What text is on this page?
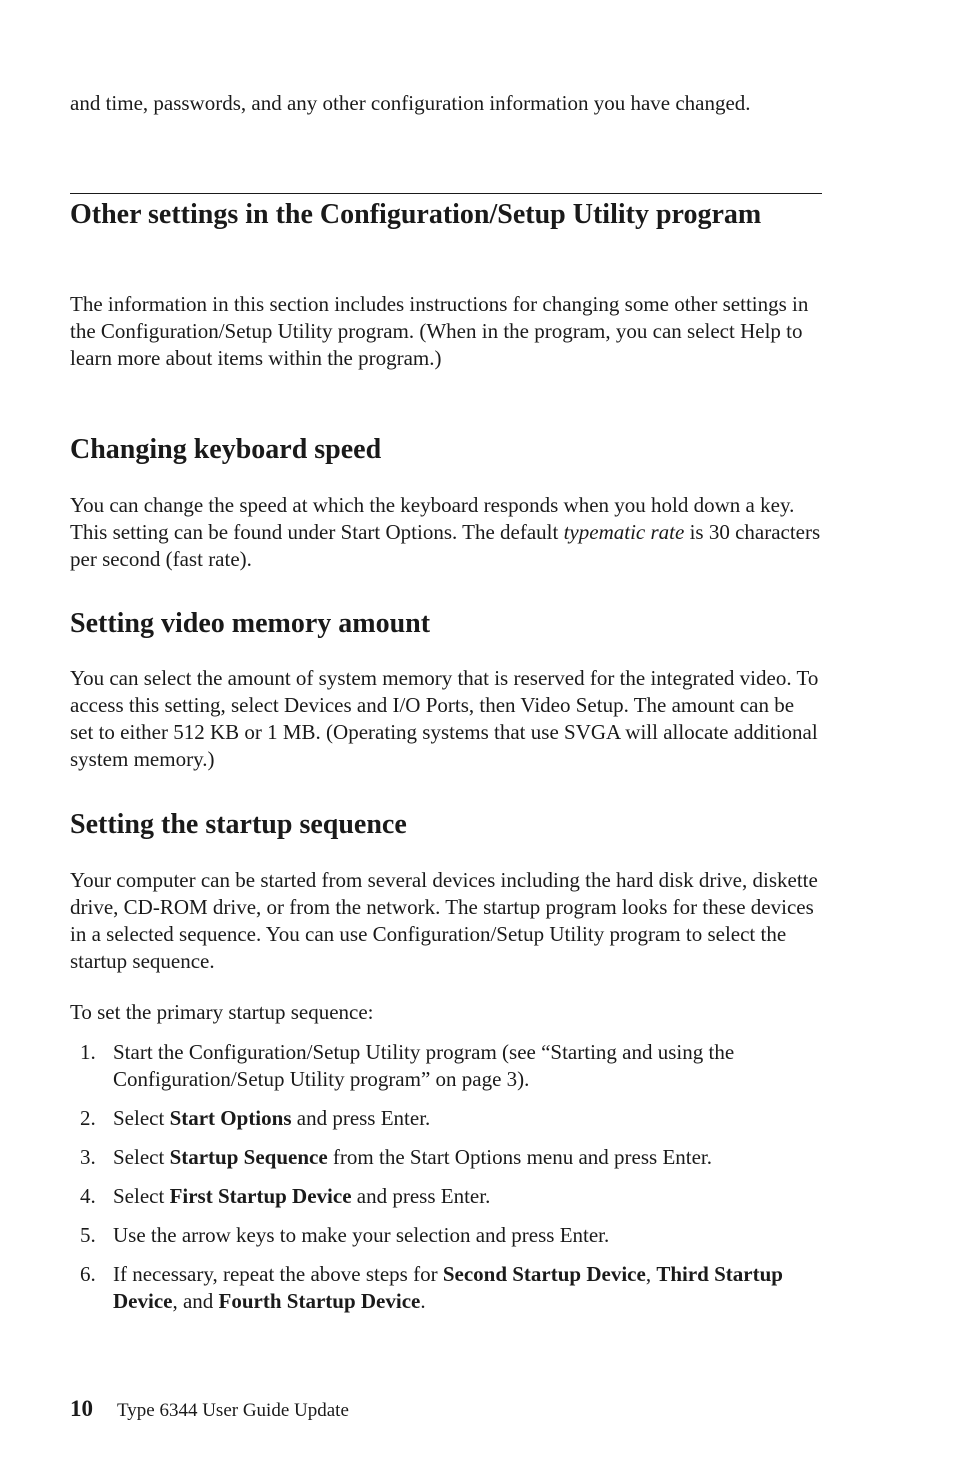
and time, passwords, and any other configuration information you have changed.

Other settings in the Configuration/Setup Utility program

The information in this section includes instructions for changing some other settings in the Configuration/Setup Utility program. (When in the program, you can select Help to learn more about items within the program.)

Changing keyboard speed

You can change the speed at which the keyboard responds when you hold down a key. This setting can be found under Start Options. The default typematic rate is 30 characters per second (fast rate).

Setting video memory amount

You can select the amount of system memory that is reserved for the integrated video. To access this setting, select Devices and I/O Ports, then Video Setup. The amount can be set to either 512 KB or 1 MB. (Operating systems that use SVGA will allocate additional system memory.)

Setting the startup sequence

Your computer can be started from several devices including the hard disk drive, diskette drive, CD-ROM drive, or from the network. The startup program looks for these devices in a selected sequence. You can use Configuration/Setup Utility program to select the startup sequence.

To set the primary startup sequence:

1. Start the Configuration/Setup Utility program (see “Starting and using the Configuration/Setup Utility program” on page 3).
2. Select Start Options and press Enter.
3. Select Startup Sequence from the Start Options menu and press Enter.
4. Select First Startup Device and press Enter.
5. Use the arrow keys to make your selection and press Enter.
6. If necessary, repeat the above steps for Second Startup Device, Third Startup Device, and Fourth Startup Device.
10 Type 6344 User Guide Update
